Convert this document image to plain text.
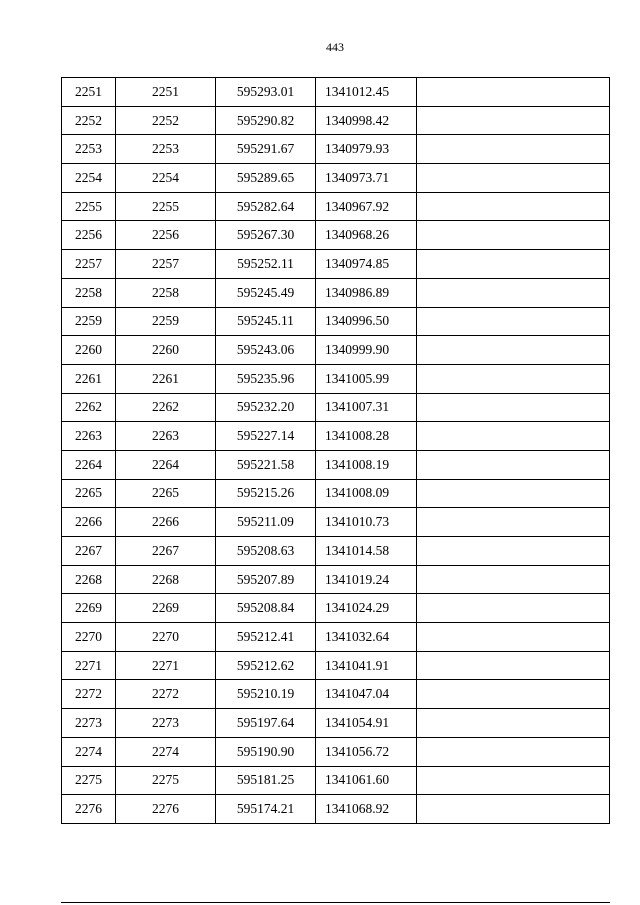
443
2251	2251	595293.01	1341012.45	
2252	2252	595290.82	1340998.42	
2253	2253	595291.67	1340979.93	
2254	2254	595289.65	1340973.71	
2255	2255	595282.64	1340967.92	
2256	2256	595267.30	1340968.26	
2257	2257	595252.11	1340974.85	
2258	2258	595245.49	1340986.89	
2259	2259	595245.11	1340996.50	
2260	2260	595243.06	1340999.90	
2261	2261	595235.96	1341005.99	
2262	2262	595232.20	1341007.31	
2263	2263	595227.14	1341008.28	
2264	2264	595221.58	1341008.19	
2265	2265	595215.26	1341008.09	
2266	2266	595211.09	1341010.73	
2267	2267	595208.63	1341014.58	
2268	2268	595207.89	1341019.24	
2269	2269	595208.84	1341024.29	
2270	2270	595212.41	1341032.64	
2271	2271	595212.62	1341041.91	
2272	2272	595210.19	1341047.04	
2273	2273	595197.64	1341054.91	
2274	2274	595190.90	1341056.72	
2275	2275	595181.25	1341061.60	
2276	2276	595174.21	1341068.92	
